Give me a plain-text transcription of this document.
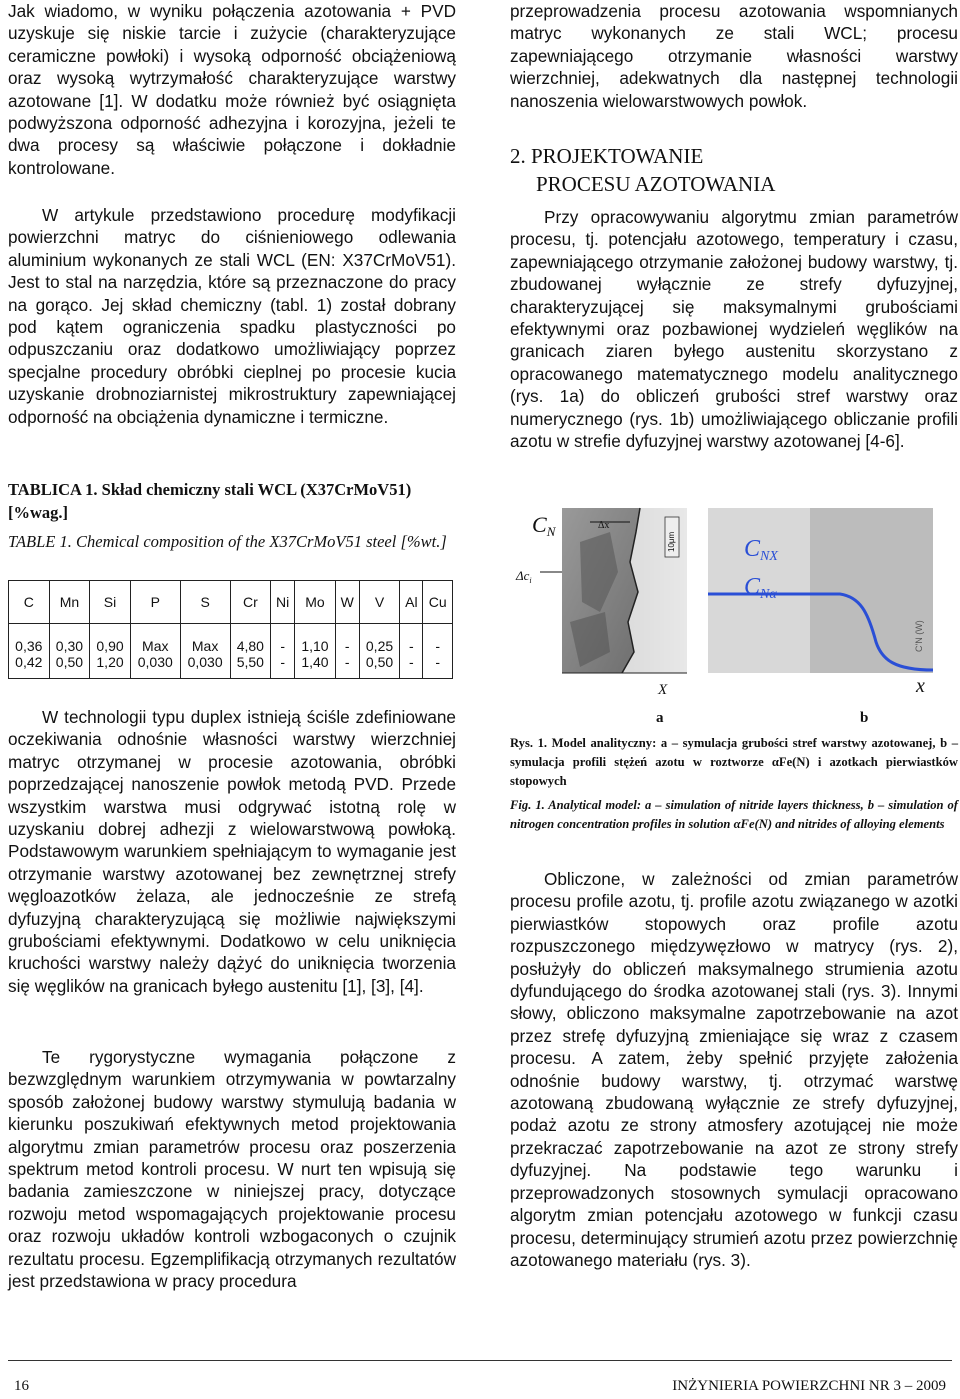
Jak wiadomo, w wyniku połączenia azotowania + PVD uzyskuje się niskie tarcie i zużycie (charakteryzujące ceramiczne powłoki) i wysoką odporność obciążeniową oraz wysoką wytrzymałość charakteryzujące warstwy azotowane [1]. W dodatku może również być osiągnięta podwyższona odporność adhezyjna i korozyjna, jeżeli te dwa procesy są właściwie połączone i dokładnie kontrolowane.

W artykule przedstawiono procedurę modyfikacji powierzchni matryc do ciśnieniowego odlewania aluminium wykonanych ze stali WCL (EN: X37CrMoV51). Jest to stal na narzędzia, które są przeznaczone do pracy na gorąco. Jej skład chemiczny (tabl. 1) został dobrany pod kątem ograniczenia spadku plastyczności po odpuszczaniu oraz dodatkowo umożliwiający poprzez specjalne procedury obróbki cieplnej po procesie kucia uzyskanie drobnoziarnistej mikrostruktury zapewniającej odporność na obciążenia dynamiczne i termiczne.

TABLICA 1. Skład chemiczny stali WCL (X37CrMoV51) [%wag.]

TABLE 1. Chemical composition of the X37CrMoV51 steel [%wt.]

C	Mn	Si	P	S	Cr	Ni	Mo	W	V	Al	Cu
0,36	0,30	0,90	Max	Max	4,80	-	1,10	-	0,25	-	-
0,42	0,50	1,20	0,030	0,030	5,50	-	1,40	-	0,50	-	-

W technologii typu duplex istnieją ściśle zdefiniowane oczekiwania odnośnie własności warstwy wierzchniej matryc otrzymanej w procesie azotowania, obróbki poprzedzającej nanoszenie powłok metodą PVD. Przede wszystkim warstwa musi odgrywać istotną rolę w uzyskaniu dobrej adhezji z wielowarstwową powłoką. Podstawowym warunkiem spełniającym to wymaganie jest otrzymanie warstwy azotowanej bez zewnętrznej strefy węgloazotków żelaza, ale jednocześnie ze strefą dyfuzyjną charakteryzującą się możliwie największymi grubościami efektywnymi. Dodatkowo w celu uniknięcia kruchości warstwy należy dążyć do uniknięcia tworzenia się węglików na granicach byłego austenitu [1], [3], [4].

Te rygorystyczne wymagania połączone z bezwzględnym warunkiem otrzymywania w powtarzalny sposób założonej budowy warstwy stymulują badania w kierunku poszukiwań efektywnych metod projektowania algorytmu zmian parametrów procesu oraz poszerzenia spektrum metod kontroli procesu. W nurt ten wpisują się badania zamieszczone w niniejszej pracy, dotyczące rozwoju metod wspomagających projektowanie procesu oraz rozwoju układów kontroli wzbogaconych o czujnik rezultatu procesu. Egzemplifikacją otrzymanych rezultatów jest przedstawiona w pracy procedura

przeprowadzenia procesu azotowania wspomnianych matryc wykonanych ze stali WCL; procesu zapewniającego otrzymanie własności warstwy wierzchniej, adekwatnych dla następnej technologii nanoszenia wielowarstwowych powłok.

2. PROJEKTOWANIE

PROCESU AZOTOWANIA

Przy opracowywaniu algorytmu zmian parametrów procesu, tj. potencjału azotowego, temperatury i czasu, zapewniającego otrzymanie założonej budowy warstwy, tj. zbudowanej wyłącznie ze strefy dyfuzyjnej, charakteryzującej się maksymalnymi grubościami efektywnymi oraz pozbawionej wydzieleń węglików na granicach ziaren byłego austenitu skorzystano z opracowanego matematycznego modelu analitycznego (rys. 1a) do obliczeń grubości stref warstwy oraz numerycznego (rys. 1b) umożliwiającego obliczanie profili azotu w strefie dyfuzyjnej warstwy azotowanej [4-6].

10μm
CN	Δx
$\Delta c_i$
X
CNX
CNα
C'N (W)
x
a	b

Rys. 1. Model analityczny: a – symulacja grubości stref warstwy azotowanej, b – symulacja profili stężeń azotu w roztworze αFe(N) i azotkach pierwiastków stopowych

Fig. 1. Analytical model: a – simulation of nitride layers thickness, b – simulation of nitrogen concentration profiles in solution αFe(N) and nitrides of alloying elements

Obliczone, w zależności od zmian parametrów procesu profile azotu, tj. profile azotu związanego w azotki pierwiastków stopowych oraz profile azotu rozpuszczonego międzywęzłowo w matrycy (rys. 2), posłużyły do obliczeń maksymalnego strumienia azotu dyfundującego do środka azotowanej stali (rys. 3). Innymi słowy, obliczono maksymalne zapotrzebowanie na azot przez strefę dyfuzyjną zmieniające się wraz z czasem procesu. A zatem, żeby spełnić przyjęte założenia odnośnie budowy warstwy, tj. otrzymać warstwę azotowaną zbudowaną wyłącznie ze strefy dyfuzyjnej, podaż azotu ze strony atmosfery azotującej nie może przekraczać zapotrzebowanie na azot ze strony strefy dyfuzyjnej. Na podstawie tego warunku i przeprowadzonych stosownych symulacji opracowano algorytm zmian potencjału azotowego w funkcji czasu procesu, determinujący strumień azotu przez powierzchnię azotowanego materiału (rys. 3).

16	INŻYNIERIA POWIERZCHNI NR 3 – 2009
